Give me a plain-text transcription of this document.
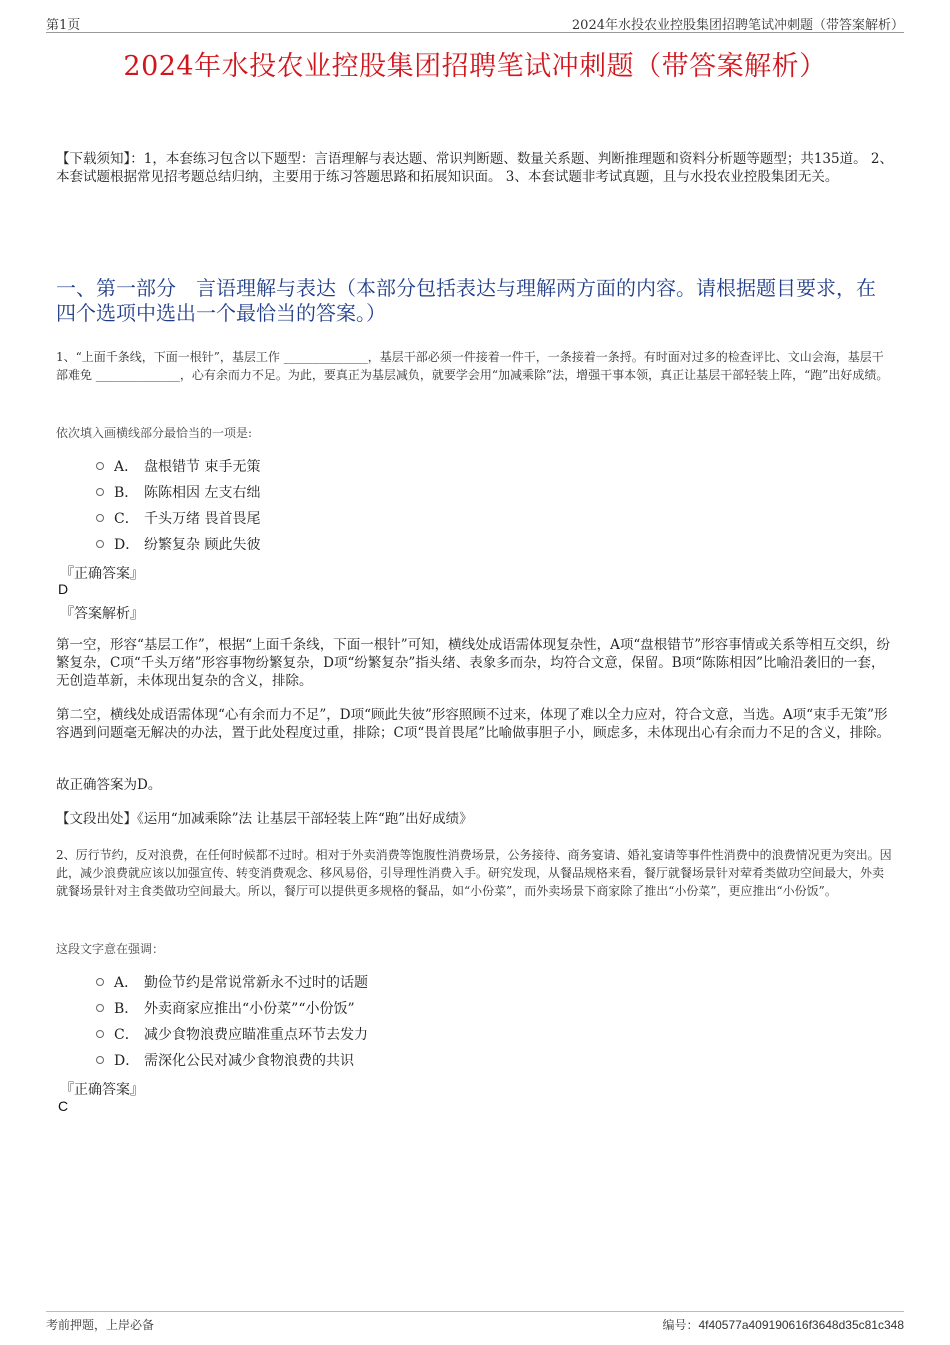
第1页	2024年水投农业控股集团招聘笔试冲刺题（带答案解析）
2024年水投农业控股集团招聘笔试冲刺题（带答案解析）
【下载须知】：1，本套练习包含以下题型：言语理解与表达题、常识判断题、数量关系题、判断推理题和资料分析题等题型；共135道。 2、本套试题根据常见招考题总结归纳，主要用于练习答题思路和拓展知识面。 3、本套试题非考试真题，且与水投农业控股集团无关。
一、第一部分　言语理解与表达（本部分包括表达与理解两方面的内容。请根据题目要求，在四个选项中选出一个最恰当的答案。）
1、“上面千条线，下面一根针”，基层工作 ______________，基层干部必须一件接着一件干，一条接着一条捋。有时面对过多的检查评比、文山会海，基层干部难免 ______________，心有余而力不足。为此，要真正为基层减负，就要学会用“加减乘除”法，增强干事本领，真正让基层干部轻装上阵，“跑”出好成绩。
依次填入画横线部分最恰当的一项是:
A． 盘根错节 束手无策
B． 陈陈相因 左支右绌
C． 千头万绪 畏首畏尾
D． 纷繁复杂 顾此失彼
『正确答案』
D
『答案解析』
第一空，形容“基层工作”，根据“上面千条线，下面一根针”可知，横线处成语需体现复杂性，A项“盘根错节”形容事情或关系等相互交织，纷繁复杂，C项“千头万绪”形容事物纷繁复杂，D项“纷繁复杂”指头绪、表象多而杂，均符合文意，保留。B项“陈陈相因”比喻沿袭旧的一套，无创造革新，未体现出复杂的含义，排除。
第二空，横线处成语需体现“心有余而力不足”，D项“顾此失彼”形容照顾不过来，体现了难以全力应对，符合文意，当选。A项“束手无策”形容遇到问题毫无解决的办法，置于此处程度过重，排除；C项“畏首畏尾”比喻做事胆子小，顾虑多，未体现出心有余而力不足的含义，排除。
故正确答案为D。
【文段出处】《运用“加减乘除”法 让基层干部轻装上阵“跑”出好成绩》
2、厉行节约，反对浪费，在任何时候都不过时。相对于外卖消费等饱腹性消费场景，公务接待、商务宴请、婚礼宴请等事件性消费中的浪费情况更为突出。因此，减少浪费就应该以加强宣传、转变消费观念、移风易俗，引导理性消费入手。研究发现，从餐品规格来看，餐厅就餐场景针对荤肴类做功空间最大，外卖就餐场景针对主食类做功空间最大。所以，餐厅可以提供更多规格的餐品，如“小份菜”，而外卖场景下商家除了推出“小份菜”，更应推出“小份饭”。
这段文字意在强调：
A． 勤俭节约是常说常新永不过时的话题
B． 外卖商家应推出“小份菜”“小份饭”
C． 减少食物浪费应瞄准重点环节去发力
D． 需深化公民对减少食物浪费的共识
『正确答案』
C
考前押题，上岸必备	编号：4f40577a409190616f3648d35c81c348
